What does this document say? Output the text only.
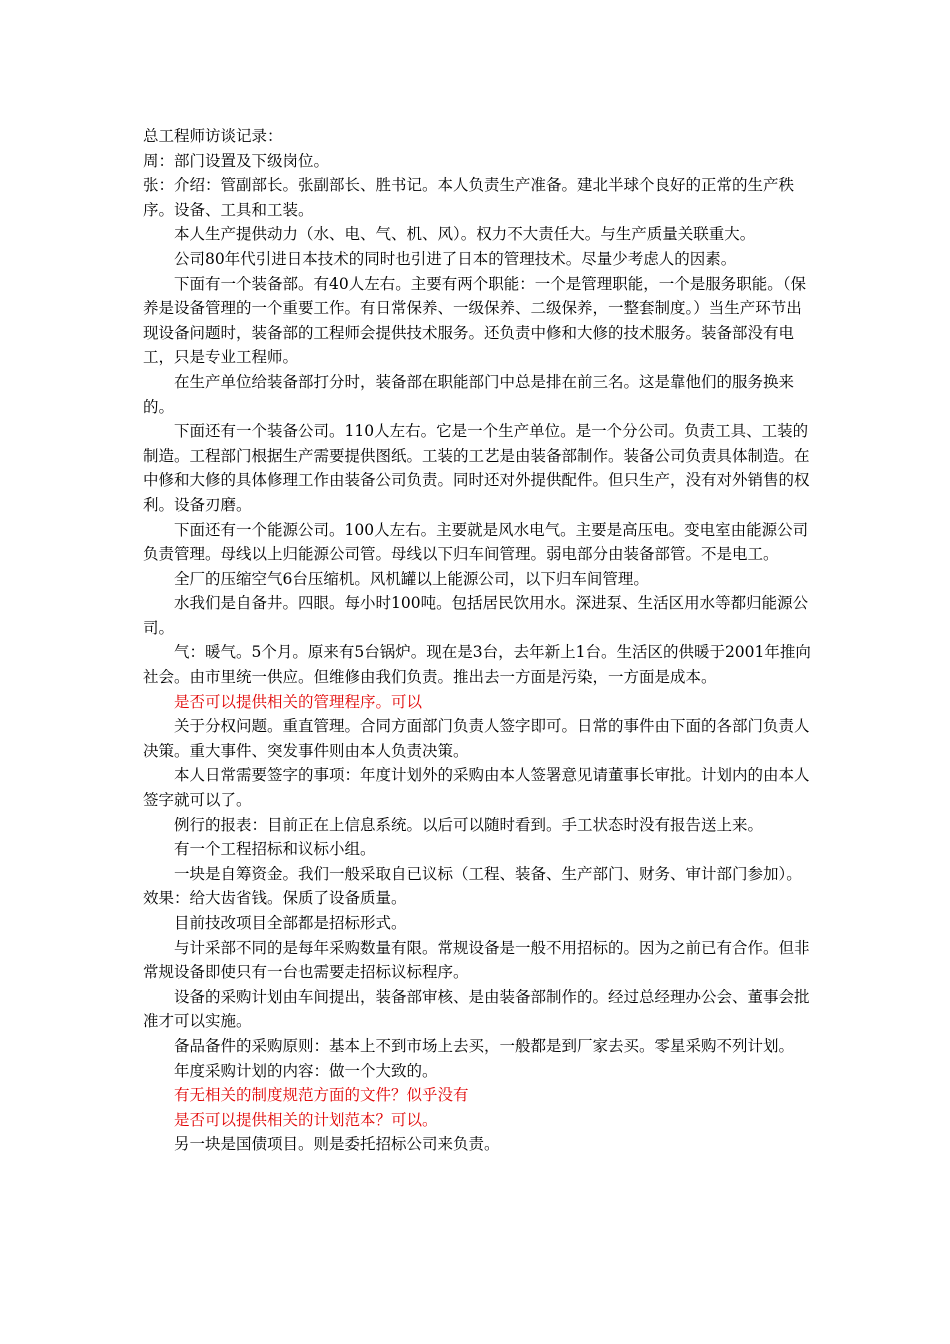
总工程师访谈记录：

周：部门设置及下级岗位。

张：介绍：管副部长。张副部长、胜书记。本人负责生产准备。建北半球个良好的正常的生产秩序。设备、工具和工装。

本人生产提供动力（水、电、气、机、风）。权力不大责任大。与生产质量关联重大。

公司80年代引进日本技术的同时也引进了日本的管理技术。尽量少考虑人的因素。

下面有一个装备部。有40人左右。主要有两个职能：一个是管理职能，一个是服务职能。（保养是设备管理的一个重要工作。有日常保养、一级保养、二级保养，一整套制度。）当生产环节出现设备问题时，装备部的工程师会提供技术服务。还负责中修和大修的技术服务。装备部没有电工，只是专业工程师。

在生产单位给装备部打分时，装备部在职能部门中总是排在前三名。这是靠他们的服务换来的。

下面还有一个装备公司。110人左右。它是一个生产单位。是一个分公司。负责工具、工装的制造。工程部门根据生产需要提供图纸。工装的工艺是由装备部制作。装备公司负责具体制造。在中修和大修的具体修理工作由装备公司负责。同时还对外提供配件。但只生产，没有对外销售的权利。设备刃磨。

下面还有一个能源公司。100人左右。主要就是风水电气。主要是高压电。变电室由能源公司负责管理。母线以上归能源公司管。母线以下归车间管理。弱电部分由装备部管。不是电工。

全厂的压缩空气6台压缩机。风机罐以上能源公司，以下归车间管理。

水我们是自备井。四眼。每小时100吨。包括居民饮用水。深进泵、生活区用水等都归能源公司。

气：暖气。5个月。原来有5台锅炉。现在是3台，去年新上1台。生活区的供暖于2001年推向社会。由市里统一供应。但维修由我们负责。推出去一方面是污染，一方面是成本。

是否可以提供相关的管理程序。可以

关于分权问题。重直管理。合同方面部门负责人签字即可。日常的事件由下面的各部门负责人决策。重大事件、突发事件则由本人负责决策。

本人日常需要签字的事项：年度计划外的采购由本人签署意见请董事长审批。计划内的由本人签字就可以了。

例行的报表：目前正在上信息系统。以后可以随时看到。手工状态时没有报告送上来。

有一个工程招标和议标小组。

一块是自筹资金。我们一般采取自已议标（工程、装备、生产部门、财务、审计部门参加）。效果：给大齿省钱。保质了设备质量。

目前技改项目全部都是招标形式。

与计采部不同的是每年采购数量有限。常规设备是一般不用招标的。因为之前已有合作。但非常规设备即使只有一台也需要走招标议标程序。

设备的采购计划由车间提出，装备部审核、是由装备部制作的。经过总经理办公会、董事会批准才可以实施。

备品备件的采购原则：基本上不到市场上去买，一般都是到厂家去买。零星采购不列计划。

年度采购计划的内容：做一个大致的。

有无相关的制度规范方面的文件？似乎没有

是否可以提供相关的计划范本？可以。

另一块是国债项目。则是委托招标公司来负责。
